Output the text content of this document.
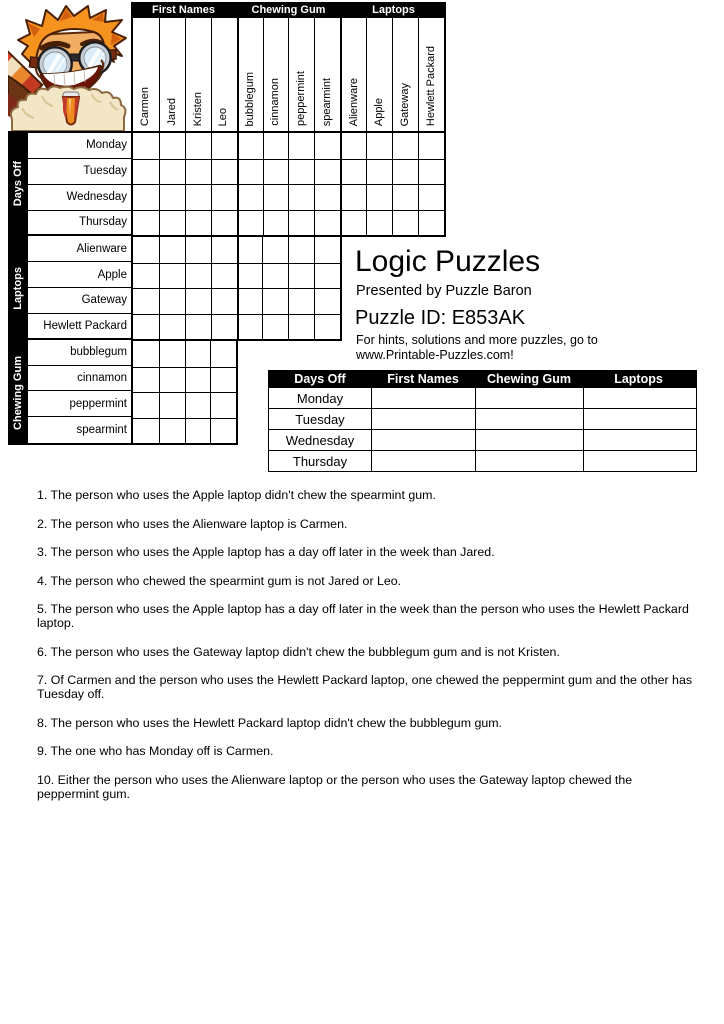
First Names	Chewing Gum	Laptops
Carmen Jared Kristen Leo bubblegum cinnamon peppermint spearmint Alienware Apple Gateway Hewlett Packard
Days Off
Laptops
Chewing Gum
Monday
Tuesday
Wednesday
Thursday
Alienware
Apple
Gateway
Hewlett Packard
bubblegum
cinnamon
peppermint
spearmint
Logic Puzzles
Presented by Puzzle Baron
Puzzle ID: E853AK
For hints, solutions and more puzzles, go to
www.Printable-Puzzles.com!
Days Off	First Names	Chewing Gum	Laptops
Monday
Tuesday
Wednesday
Thursday

1. The person who uses the Apple laptop didn't chew the spearmint gum.

2. The person who uses the Alienware laptop is Carmen.

3. The person who uses the Apple laptop has a day off later in the week than Jared.

4. The person who chewed the spearmint gum is not Jared or Leo.

5. The person who uses the Apple laptop has a day off later in the week than the person who uses the Hewlett Packard laptop.

6. The person who uses the Gateway laptop didn't chew the bubblegum gum and is not Kristen.

7. Of Carmen and the person who uses the Hewlett Packard laptop, one chewed the peppermint gum and the other has Tuesday off.

8. The person who uses the Hewlett Packard laptop didn't chew the bubblegum gum.

9. The one who has Monday off is Carmen.

10. Either the person who uses the Alienware laptop or the person who uses the Gateway laptop chewed the peppermint gum.
